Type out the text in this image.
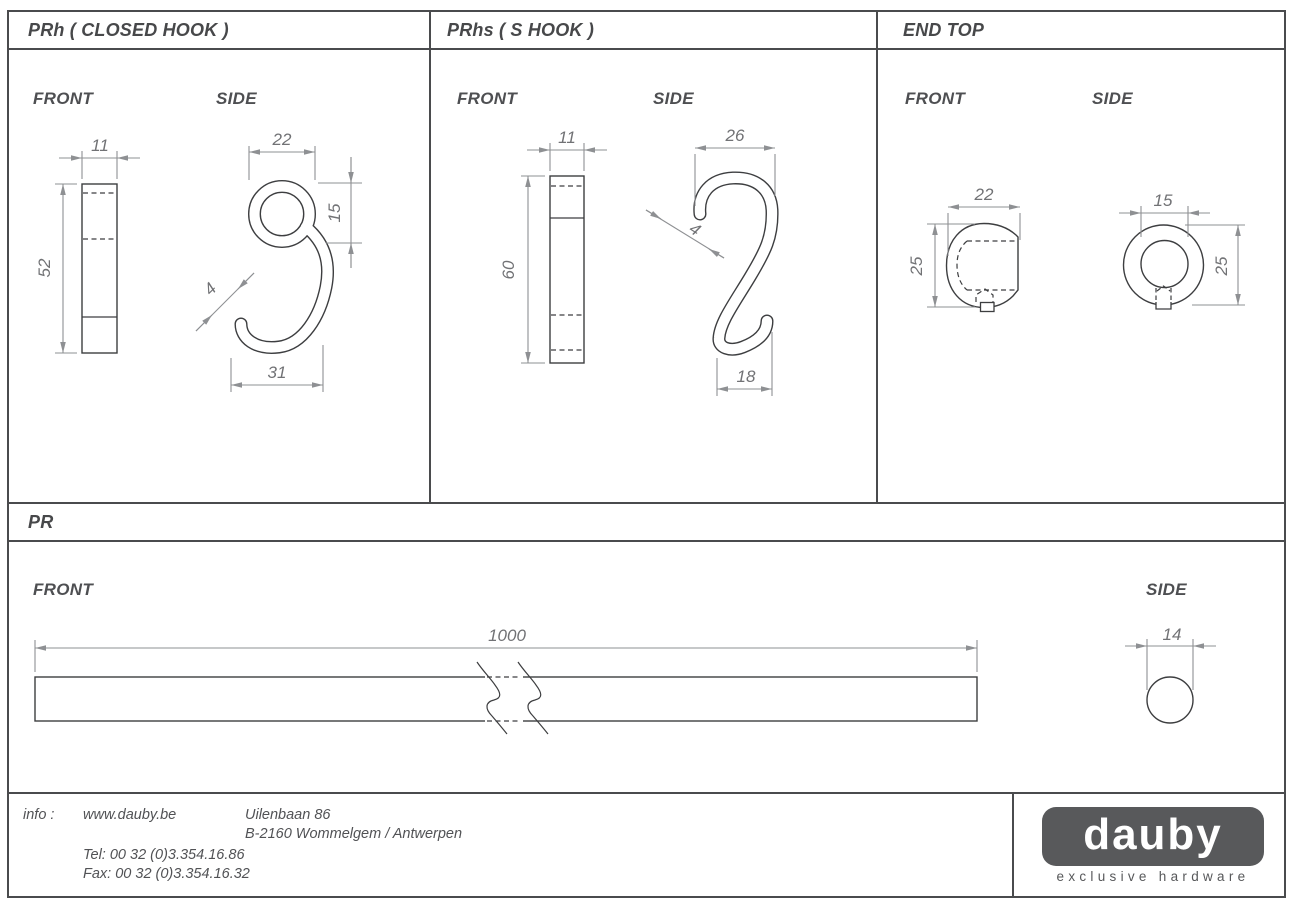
11
52
22
15
4
31
11
60
26
4
18
22
25
15
25
1000	14
PRh ( CLOSED HOOK )	PRhs ( S HOOK )	END TOP
PR
FRONT	SIDE	FRONT	SIDE	FRONT	SIDE
FRONT	SIDE
info : www.dauby.be	Uilenbaan 86
B-2160 Wommelgem / Antwerpen
Tel: 00 32 (0)3.354.16.86
Fax: 00 32 (0)3.354.16.32
dauby
exclusive hardware
